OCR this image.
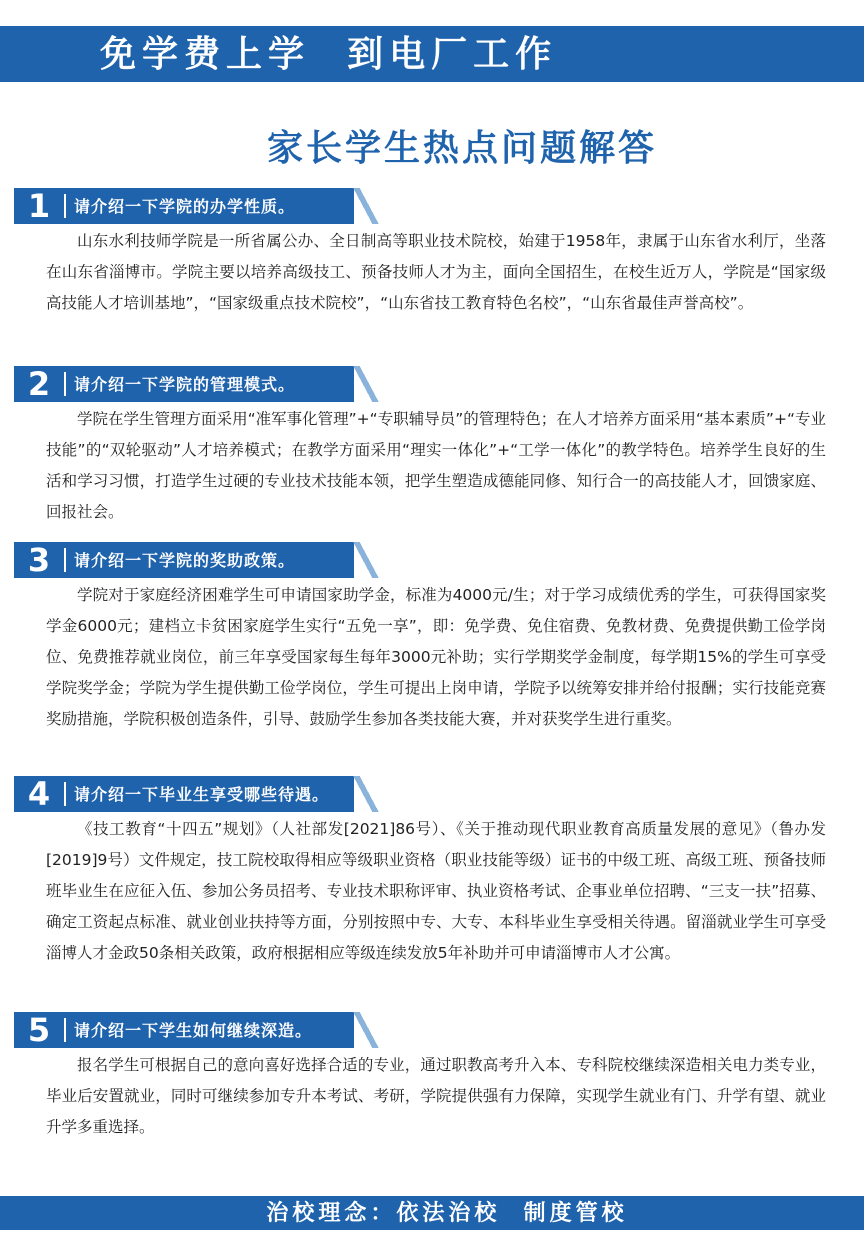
免学费上学  到电厂工作
家长学生热点问题解答
1	请介绍一下学院的办学性质。

山东水利技师学院是一所省属公办、全日制高等职业技术院校，始建于1958年，隶属于山东省水利厅，坐落在山东省淄博市。学院主要以培养高级技工、预备技师人才为主，面向全国招生，在校生近万人，学院是“国家级高技能人才培训基地”，“国家级重点技术院校”，“山东省技工教育特色名校”，“山东省最佳声誉高校”。

2	请介绍一下学院的管理模式。

学院在学生管理方面采用“准军事化管理”+“专职辅导员”的管理特色；在人才培养方面采用“基本素质”+“专业技能”的“双轮驱动”人才培养模式；在教学方面采用“理实一体化”+“工学一体化”的教学特色。培养学生良好的生活和学习习惯，打造学生过硬的专业技术技能本领，把学生塑造成德能同修、知行合一的高技能人才，回馈家庭、回报社会。

3	请介绍一下学院的奖助政策。

学院对于家庭经济困难学生可申请国家助学金，标准为4000元/生；对于学习成绩优秀的学生，可获得国家奖学金6000元；建档立卡贫困家庭学生实行“五免一享”，即：免学费、免住宿费、免教材费、免费提供勤工俭学岗位、免费推荐就业岗位，前三年享受国家每生每年3000元补助；实行学期奖学金制度，每学期15%的学生可享受学院奖学金；学院为学生提供勤工俭学岗位，学生可提出上岗申请，学院予以统筹安排并给付报酬；实行技能竞赛奖励措施，学院积极创造条件，引导、鼓励学生参加各类技能大赛，并对获奖学生进行重奖。

4	请介绍一下毕业生享受哪些待遇。

《技工教育“十四五”规划》（人社部发[2021]86号）、《关于推动现代职业教育高质量发展的意见》（鲁办发[2019]9号）文件规定，技工院校取得相应等级职业资格（职业技能等级）证书的中级工班、高级工班、预备技师班毕业生在应征入伍、参加公务员招考、专业技术职称评审、执业资格考试、企事业单位招聘、“三支一扶”招募、确定工资起点标准、就业创业扶持等方面，分别按照中专、大专、本科毕业生享受相关待遇。留淄就业学生可享受淄博人才金政50条相关政策，政府根据相应等级连续发放5年补助并可申请淄博市人才公寓。

5	请介绍一下学生如何继续深造。

报名学生可根据自己的意向喜好选择合适的专业，通过职教高考升入本、专科院校继续深造相关电力类专业，毕业后安置就业，同时可继续参加专升本考试、考研，学院提供强有力保障，实现学生就业有门、升学有望、就业升学多重选择。

治校理念：依法治校  制度管校
